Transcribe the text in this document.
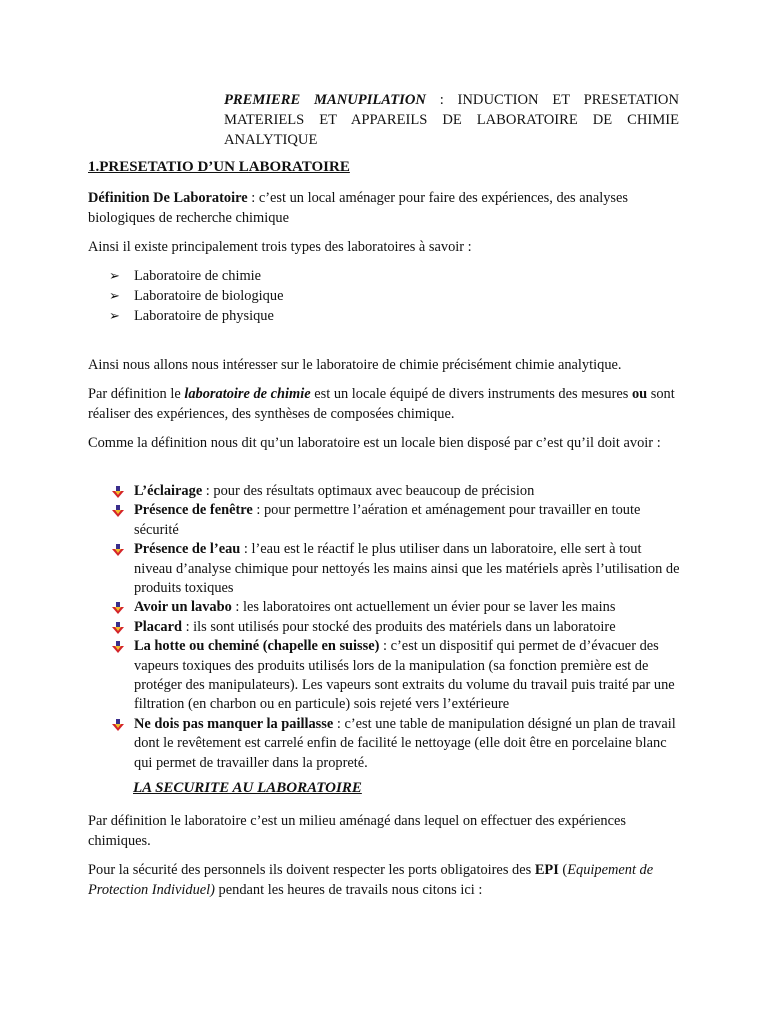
PREMIERE MANUPILATION : INDUCTION ET PRESETATION
MATERIELS ET APPAREILS DE LABORATOIRE DE CHIMIE
ANALYTIQUE
1.PRESETATIO D’UN LABORATOIRE
Définition De Laboratoire : c’est un local aménager pour faire des expériences, des analyses biologiques de recherche chimique
Ainsi il existe principalement trois types des laboratoires à savoir :
➢ Laboratoire de chimie
➢ Laboratoire de biologique
➢ Laboratoire de physique
Ainsi nous allons nous intéresser sur le laboratoire de chimie précisément chimie analytique.
Par définition le laboratoire de chimie est un locale équipé de divers instruments des mesures ou sont réaliser des expériences, des synthèses de composées chimique.
Comme la définition nous dit qu’un laboratoire est un locale bien disposé par c’est qu’il doit avoir :
L’éclairage : pour des résultats optimaux avec beaucoup de précision
Présence de fenêtre : pour permettre l’aération et aménagement pour travailler en toute sécurité
Présence de l’eau : l’eau est le réactif le plus utiliser dans un laboratoire, elle sert à tout niveau d’analyse chimique pour nettoyés les mains ainsi que les matériels après l’utilisation de produits toxiques
Avoir un lavabo : les laboratoires ont actuellement un évier pour se laver les mains
Placard : ils sont utilisés pour stocké des produits des matériels dans un laboratoire
La hotte ou cheminé (chapelle en suisse) : c’est un dispositif qui permet de d’évacuer des vapeurs toxiques des produits utilisés lors de la manipulation (sa fonction première est de protéger des manipulateurs). Les vapeurs sont extraits du volume du travail puis traité par une filtration (en charbon ou en particule) sois rejeté vers l’extérieure
Ne dois pas manquer la paillasse : c’est une table de manipulation désigné un plan de travail dont le revêtement est carrelé enfin de facilité le nettoyage (elle doit être en porcelaine blanc qui permet de travailler dans la propreté.
LA SECURITE AU LABORATOIRE
Par définition le laboratoire c’est un milieu aménagé dans lequel on effectuer des expériences chimiques.
Pour la sécurité des personnels ils doivent respecter les ports obligatoires des EPI (Equipement de Protection Individuel) pendant les heures de travails nous citons ici :
